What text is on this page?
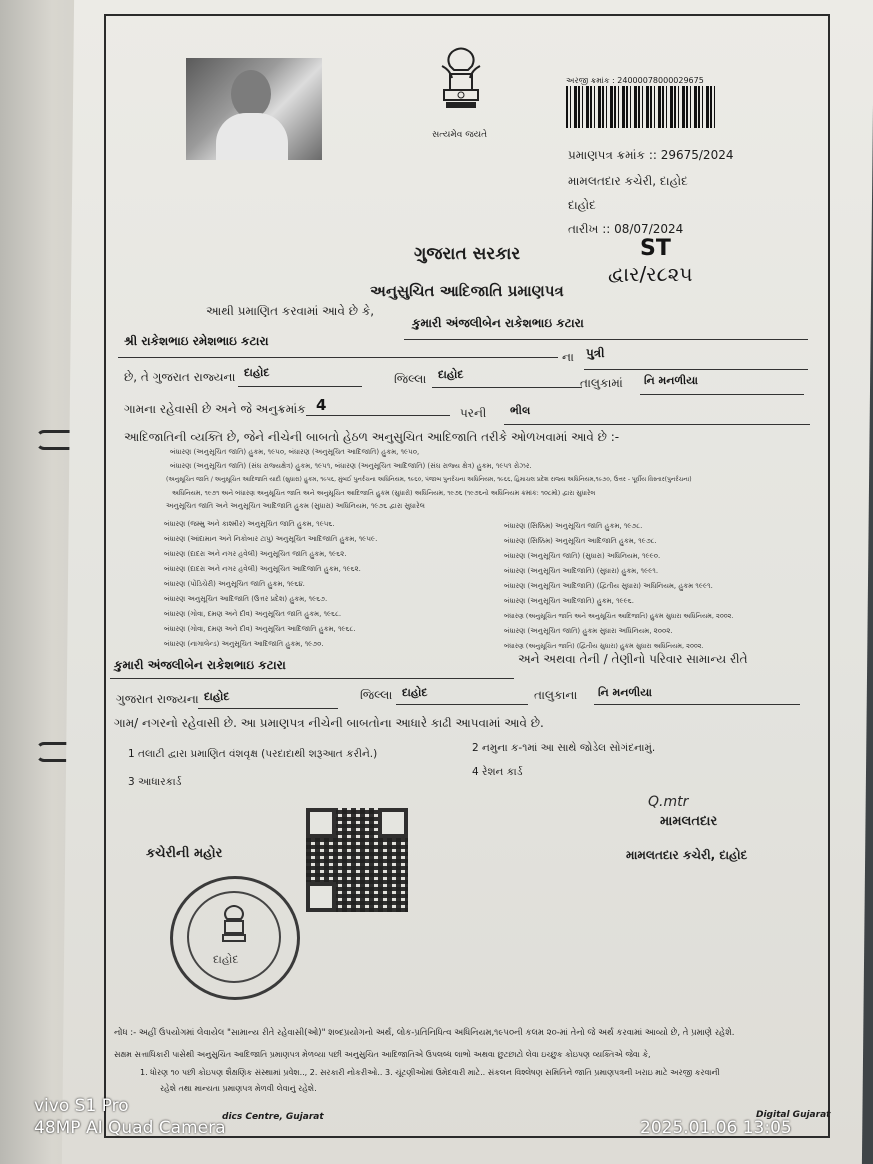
સત્યમેવ જયતે
અરજી ક્રમાંક : 24000078000029675
પ્રમાણપત્ર ક્રમાંક :: 29675/2024
મામલતદાર કચેરી, દાહોદ
દાહોદ
તારીખ :: 08/07/2024
ST
દ્વાર/ર૮૨૫
ગુજરાત સરકાર
અનુસુચિત આદિજાતિ પ્રમાણપત્ર
આથી પ્રમાણિત કરવામાં આવે છે કે,
કુમારી અંજલીબેન રાકેશભાઇ કટારા
શ્રી રાકેશભાઇ રમેશભાઇ કટારા
ના પુત્રી
છે, તે ગુજરાત રાજ્યના દાહોદ	જિલ્લા દાહોદ
તાલુકામાં નિ મનળીયા
ગામના રહેવાસી છે અને જે અનુક્રમાંક 4	પરની ભીલ
આદિજાતિની વ્યક્તિ છે, જેને નીચેની બાબતો હેઠળ અનુસુચિત આદિજાતિ તરીકે ઓળખવામાં આવે છે :-
બંધારણ (અનુસૂચિત જાતિ) હુકમ, ૧૯૫૦, બંધારણ (અનુસૂચિત આદિજાતિ) હુકમ, ૧૯૫૦,
બંધારણ (અનુસૂચિત જાતિ) (સંઘ રાજ્યક્ષેત્ર) હુકમ, ૧૯૫૧, બંધારણ (અનુસૂચિત આદિજાતિ) (સંઘ રાજ્ય ક્ષેત્ર) હુકમ, ૧૯૫૧ રોઝર.
(અનુસૂચિત જાતિ / અનુસૂચિત આદિજાતિ યાદી (સુધારા) હુકમ, ૧૯૫૬, મુંબઈ પુનર્રચના અધિનિયમ, ૧૯૬૦, પંજાબ પુનર્રચના અધિનિયમ, ૧૯૬૬, હિમાચલ પ્રદેશ રાજ્ય અધિનિયમ,૧૯૭૦, ઉત્તર - પૂર્વીય વિસ્તાર(પુનર્રચના)
અધિનિયમ, ૧૯૭૧ અને બંધારણ અનુસૂચિત જાતિ અને અનુસૂચિત આદિજાતિ હુકમ (સુધારો) અધિનિયમ, ૧૯૭૬ (૧૯૭૬નો અધિનિયમ ક્રમાંક: ૧૦૮મો) દ્વારા સુધારેલ
અનુસૂચિત જાતિ અને અનુસૂચિત આદિજાતિ હુકમ (સુધારા) અધિનિયમ, ૧૯૭૬ દ્વારા સુધારેલ
બંધારણ (જમ્મુ અને કાશ્મીર) અનુસૂચિત જાતિ હુકમ, ૧૯૫૬.
બંધારણ (આંદામાન અને નિકોબાર ટાપુ) અનુસૂચિત આદિજાતિ હુકમ, ૧૯૫૯.
બંધારણ (દાદરા અને નગર હવેલી) અનુસૂચિત જાતિ હુકમ, ૧૯૬૨.
બંધારણ (દાદરા અને નગર હવેલી) અનુસૂચિત આદિજાતિ હુકમ, ૧૯૬૨.
બંધારણ (પોંડિચેરી) અનુસૂચિત જાતિ હુકમ, ૧૯૬૪.
બંધારણ અનુસૂચિત આદિજાતિ (ઉત્તર પ્રદેશ) હુકમ, ૧૯૬૭.
બંધારણ (ગોવા, દમણ અને દીવ) અનુસૂચિત જાતિ હુકમ, ૧૯૬૮.
બંધારણ (ગોવા, દમણ અને દીવ) અનુસૂચિત આદિજાતિ હુકમ, ૧૯૬૮.
બંધારણ (નાગાલેન્ડ) અનુસૂચિત આદિજાતિ હુકમ, ૧૯૭૦.
બંધારણ (સિક્કિમ) અનુસૂચિત જાતિ હુકમ, ૧૯૭૮.
બંધારણ (સિક્કિમ) અનુસૂચિત આદિજાતિ હુકમ, ૧૯૭૮.
બંધારણ (અનુસૂચિત જાતિ) (સુધારા) અધિનિયમ, ૧૯૯૦.
બંધારણ (અનુસૂચિત આદિજાતિ) (સુધારા) હુકમ, ૧૯૯૧.
બંધારણ (અનુસૂચિત આદિજાતિ) (દ્વિતીય સુધારા) અધિનિયમ, હુકમ ૧૯૯૧.
બંધારણ (અનુસૂચિત આદિજાતિ) હુકમ, ૧૯૯૬.
બંધારણ (અનુસૂચિત જાતિ અને અનુસૂચિત આદિજાતિ) હુકમ સુધારા અધિનિયમ, ૨૦૦૨.
બંધારણ (અનુસૂચિત જાતિ) હુકમ સુધારા અધિનિયમ, ૨૦૦૨.
બંધારણ (અનુસૂચિત જાતિ) (દ્વિતીય સુધારા) હુકમ સુધારા અધિનિયમ, ૨૦૦૨.
કુમારી અંજલીબેન રાકેશભાઇ કટારા	અને અથવા તેની / તેણીનો પરિવાર સામાન્ય રીતે
ગુજરાત રાજ્યના દાહોદ	જિલ્લા દાહોદ	તાલુકાના નિ મનળીયા
ગામ/ નગરનો રહેવાસી છે. આ પ્રમાણપત્ર નીચેની બાબતોના આધારે કાઢી આપવામાં આવે છે.
1 તલાટી દ્વારા પ્રમાણિત વંશવૃક્ષ (પરદાદાથી શરૂઆત કરીને.)	2 નમુના ક-૧માં આ સાથે જોડેલ સોગંદનામું.
3 આધારકાર્ડ
4 રેશન કાર્ડ
Q.mtr
મામલતદાર
મામલતદાર કચેરી, દાહોદ
કચેરીની મહોર
દાહોદ
નોંધ :- અહીં ઉપયોગમાં લેવાયેલ "સામાન્ય રીતે રહેવાસી(ઓ)" શબ્દપ્રયોગનો અર્થ, લોક-પ્રતિનિધિત્વ અધિનિયમ,૧૯૫૦ની કલમ ૨૦-માં તેનો જે અર્થ કરવામાં આવ્યો છે, તે પ્રમાણે રહેશે.
સક્ષમ સત્તાધિકારી પાસેથી અનુસુચિત આદિજાતિ પ્રમાણપત્ર મેળવ્યા પછી અનુસુચિત આદિજાતિએ ઉપલબ્ધ લાભો અથવા છુટછાટો લેવા ઇચ્છુક કોઇપણ વ્યક્તિએ જેવા કે,
1. ધોરણ ૧૦ પછી કોઇપણ શૈક્ષણિક સંસ્થામાં પ્રવેશ.., 2. સરકારી નોકરીઓ.. 3. ચૂંટણીઓમાં ઉમેદવારી માટે.. સંકલન વિશ્લેષણ સમિતિને જાતિ પ્રમાણપત્રની ખરાઇ માટે અરજી કરવાની
રહેશે તથા માન્યતા પ્રમાણપત્ર મેળવી લેવાનું રહેશે.
dics Centre, Gujarat	Digital Gujarat
vivo S1 Pro
48MP AI Quad Camera	2025.01.06 13:05
